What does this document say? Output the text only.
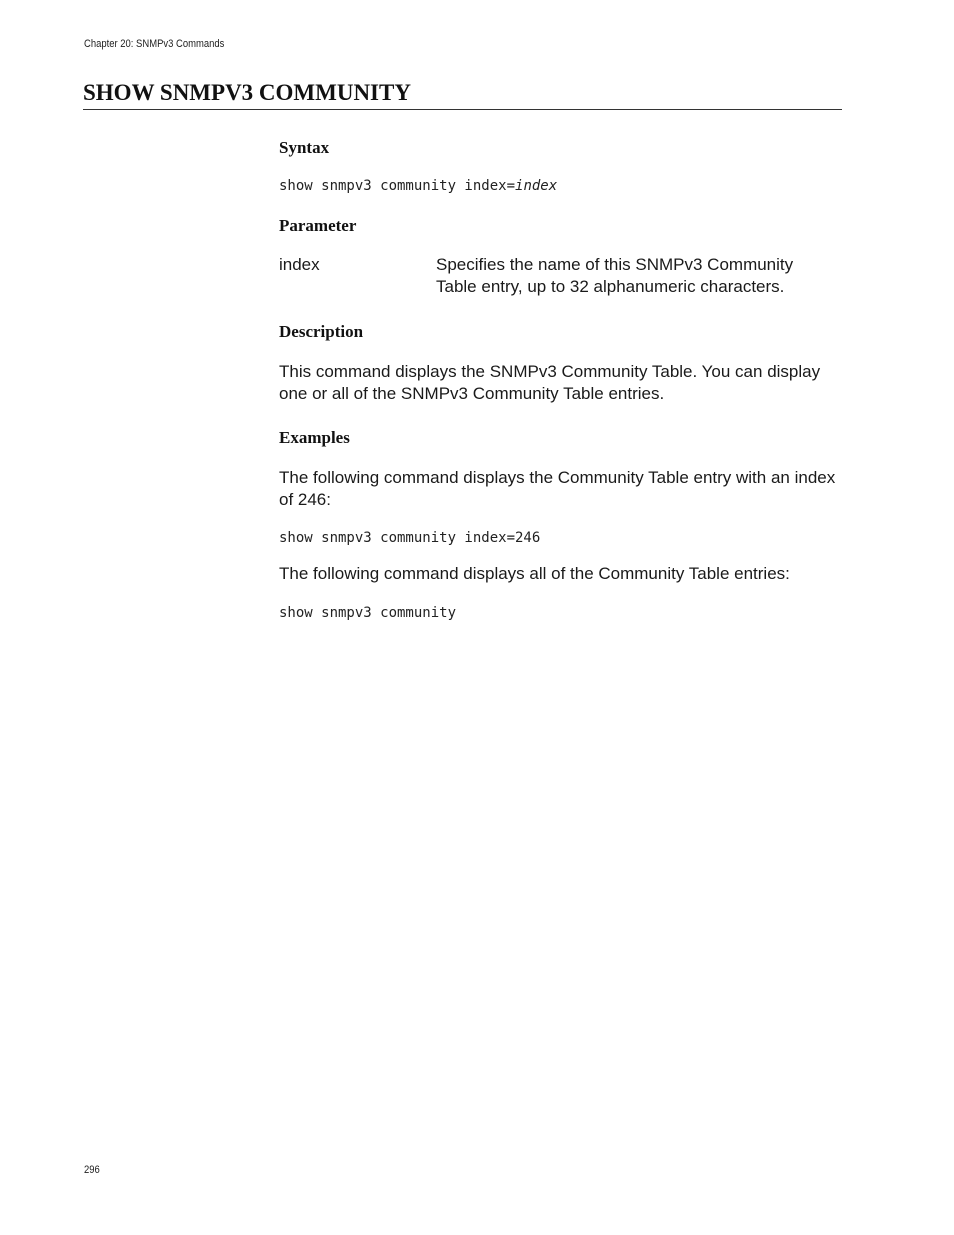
Chapter 20: SNMPv3 Commands
SHOW SNMPV3 COMMUNITY
Syntax
show snmpv3 community index=index
Parameter
index	Specifies the name of this SNMPv3 Community Table entry, up to 32 alphanumeric characters.

Description

This command displays the SNMPv3 Community Table. You can display one or all of the SNMPv3 Community Table entries.

Examples

The following command displays the Community Table entry with an index of 246:

show snmpv3 community index=246

The following command displays all of the Community Table entries:

show snmpv3 community
296
